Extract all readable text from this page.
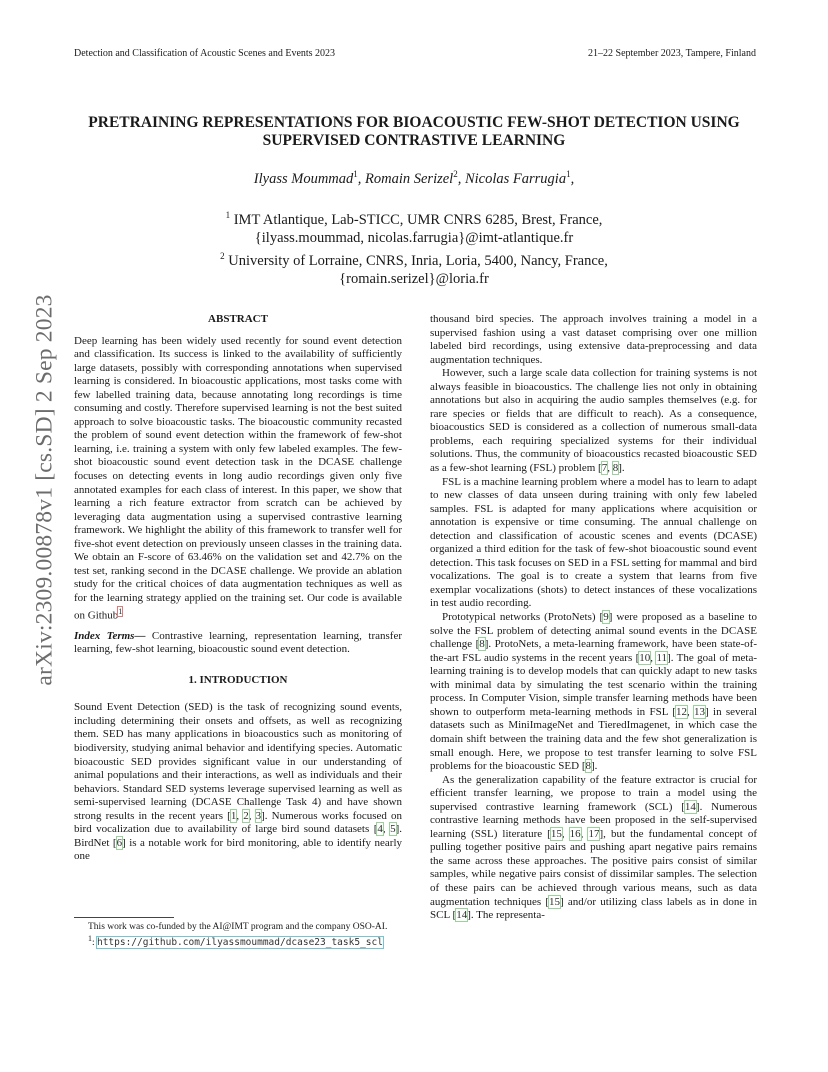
Detection and Classification of Acoustic Scenes and Events 2023	21–22 September 2023, Tampere, Finland
PRETRAINING REPRESENTATIONS FOR BIOACOUSTIC FEW-SHOT DETECTION USING
SUPERVISED CONTRASTIVE LEARNING
Ilyass Moummad$^1$, Romain Serizel$^2$, Nicolas Farrugia$^1$,
$^1$ IMT Atlantique, Lab-STICC, UMR CNRS 6285, Brest, France,
{ilyass.moummad, nicolas.farrugia}@imt-atlantique.fr
$^2$ University of Lorraine, CNRS, Inria, Loria, 5400, Nancy, France,
{romain.serizel}@loria.fr
arXiv:2309.00878v1 [cs.SD] 2 Sep 2023	ABSTRACT

Deep learning has been widely used recently for sound event detection and classification. Its success is linked to the availability of sufficiently large datasets, possibly with corresponding annotations when supervised learning is considered. In bioacoustic applications, most tasks come with few labelled training data, because annotating long recordings is time consuming and costly. Therefore supervised learning is not the best suited approach to solve bioacoustic tasks. The bioacoustic community recasted the problem of sound event detection within the framework of few-shot learning, i.e. training a system with only few labeled examples. The few-shot bioacoustic sound event detection task in the DCASE challenge focuses on detecting events in long audio recordings given only five annotated examples for each class of interest. In this paper, we show that learning a rich feature extractor from scratch can be achieved by leveraging data augmentation using a supervised contrastive learning framework. We highlight the ability of this framework to transfer well for five-shot event detection on previously unseen classes in the training data. We obtain an F-score of 63.46% on the validation set and 42.7% on the test set, ranking second in the DCASE challenge. We provide an ablation study for the critical choices of data augmentation techniques as well as for the learning strategy applied on the training set. Our code is available on Github$^1$

Index Terms— Contrastive learning, representation learning, transfer learning, few-shot learning, bioacoustic sound event detection.

1. INTRODUCTION

Sound Event Detection (SED) is the task of recognizing sound events, including determining their onsets and offsets, as well as recognizing them. SED has many applications in bioacoustics such as monitoring of biodiversity, studying animal behavior and identifying species. Automatic bioacoustic SED provides significant value in our understanding of animal populations and their interactions, as well as individuals and their behaviors. Standard SED systems leverage supervised learning as well as semi-supervised learning (DCASE Challenge Task 4) and have shown strong results in the recent years [1, 2, 3]. Numerous works focused on bird vocalization due to availability of large bird sound datasets [4, 5]. BirdNet [6] is a notable work for bird monitoring, able to identify nearly one

This work was co-funded by the AI@IMT program and the company OSO-AI.
$^1$: https://github.com/ilyassmoummad/dcase23_task5_scl

thousand bird species. The approach involves training a model in a supervised fashion using a vast dataset comprising over one million labeled bird recordings, using extensive data-preprocessing and data augmentation techniques.

However, such a large scale data collection for training systems is not always feasible in bioacoustics. The challenge lies not only in obtaining annotations but also in acquiring the audio samples themselves (e.g. for rare species or fields that are difficult to reach). As a consequence, bioacoustics SED is considered as a collection of numerous small-data problems, each requiring specialized systems for their individual solutions. Thus, the community of bioacoustics recasted bioacoustic SED as a few-shot learning (FSL) problem [7, 8].

FSL is a machine learning problem where a model has to learn to adapt to new classes of data unseen during training with only few labeled samples. FSL is adapted for many applications where acquisition or annotation is expensive or time consuming. The annual challenge on detection and classification of acoustic scenes and events (DCASE) organized a third edition for the task of few-shot bioacoustic sound event detection. This task focuses on SED in a FSL setting for mammal and bird vocalizations. The goal is to create a system that learns from five exemplar vocalizations (shots) to detect instances of these vocalizations in test audio recording.

Prototypical networks (ProtoNets) [9] were proposed as a baseline to solve the FSL problem of detecting animal sound events in the DCASE challenge [8]. ProtoNets, a meta-learning framework, have been state-of-the-art FSL audio systems in the recent years [10, 11]. The goal of meta-learning training is to develop models that can quickly adapt to new tasks with minimal data by simulating the test scenario within the training process. In Computer Vision, simple transfer learning methods have been shown to outperform meta-learning methods in FSL [12, 13] in several datasets such as MiniImageNet and TieredImagenet, in which case the domain shift between the training data and the few shot generalization is small enough. Here, we propose to test transfer learning to solve FSL problems for the bioacoustic SED [8].

As the generalization capability of the feature extractor is crucial for efficient transfer learning, we propose to train a model using the supervised contrastive learning framework (SCL) [14]. Numerous contrastive learning methods have been proposed in the self-supervised learning (SSL) literature [15, 16, 17], but the fundamental concept of pulling together positive pairs and pushing apart negative pairs remains the same across these approaches. The positive pairs consist of similar samples, while negative pairs consist of dissimilar samples. The selection of these pairs can be achieved through various means, such as data augmentation techniques [15] and/or utilizing class labels as in done in SCL [14]. The representa-
